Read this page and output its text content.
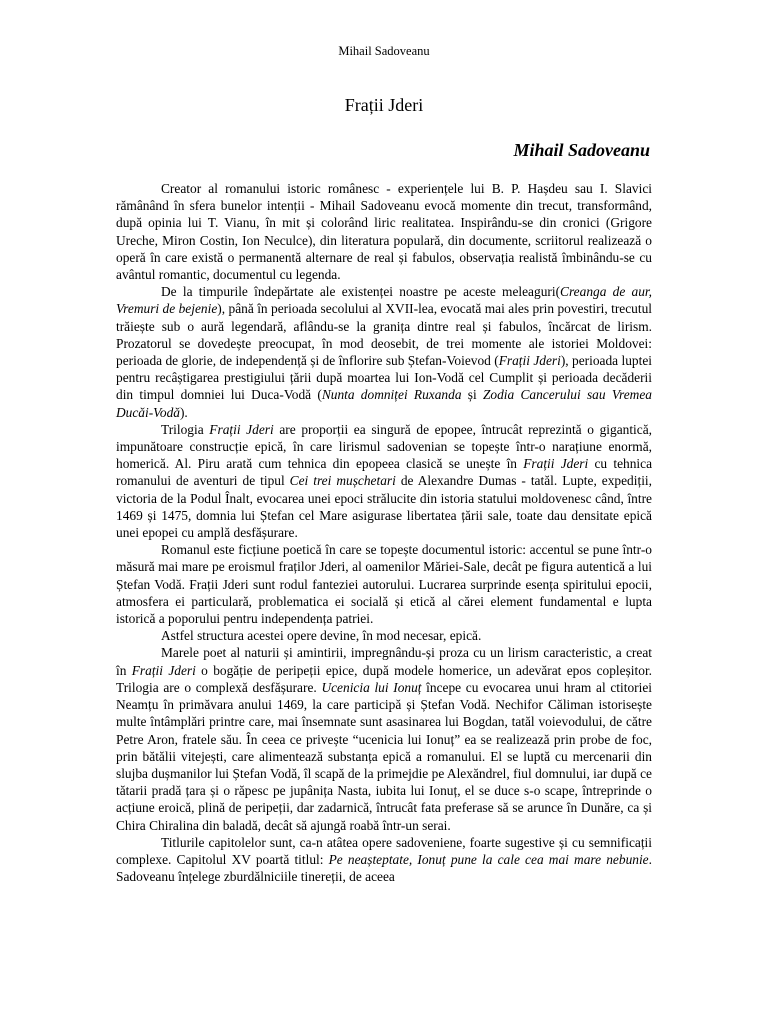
Mihail Sadoveanu
Frații Jderi
Mihail Sadoveanu

Creator al romanului istoric românesc - experiențele lui B. P. Hașdeu sau I. Slavici rămânând în sfera bunelor intenții - Mihail Sadoveanu evocă momente din trecut, transformând, după opinia lui T. Vianu, în mit și colorând liric realitatea. Inspirându-se din cronici (Grigore Ureche, Miron Costin, Ion Neculce), din literatura populară, din documente, scriitorul realizează o operă în care există o permanentă alternare de real și fabulos, observația realistă îmbinându-se cu avântul romantic, documentul cu legenda.

De la timpurile îndepărtate ale existenței noastre pe aceste meleaguri(Creanga de aur, Vremuri de bejenie), până în perioada secolului al XVII-lea, evocată mai ales prin povestiri, trecutul trăiește sub o aură legendară, aflându-se la granița dintre real și fabulos, încărcat de lirism. Prozatorul se dovedește preocupat, în mod deosebit, de trei momente ale istoriei Moldovei: perioada de glorie, de independență și de înflorire sub Ștefan-Voievod (Frații Jderi), perioada luptei pentru recâștigarea prestigiului țării după moartea lui Ion-Vodă cel Cumplit și perioada decăderii din timpul domniei lui Duca-Vodă (Nunta domniței Ruxanda și Zodia Cancerului sau Vremea Ducăi-Vodă).

Trilogia Frații Jderi are proporții ea singură de epopee, întrucât reprezintă o gigantică, impunătoare construcție epică, în care lirismul sadovenian se topește într-o narațiune enormă, homerică. Al. Piru arată cum tehnica din epopeea clasică se unește în Frații Jderi cu tehnica romanului de aventuri de tipul Cei trei mușchetari de Alexandre Dumas - tatăl. Lupte, expediții, victoria de la Podul Înalt, evocarea unei epoci strălucite din istoria statului moldovenesc când, între 1469 și 1475, domnia lui Ștefan cel Mare asigurase libertatea țării sale, toate dau densitate epică unei epopei cu amplă desfășurare.

Romanul este ficțiune poetică în care se topește documentul istoric: accentul se pune într-o măsură mai mare pe eroismul fraților Jderi, al oamenilor Măriei-Sale, decât pe figura autentică a lui Ștefan Vodă. Frații Jderi sunt rodul fanteziei autorului. Lucrarea surprinde esența spiritului epocii, atmosfera ei particulară, problematica ei socială și etică al cărei element fundamental e lupta istorică a poporului pentru independența patriei.

Astfel structura acestei opere devine, în mod necesar, epică.

Marele poet al naturii și amintirii, impregnându-și proza cu un lirism caracteristic, a creat în Frații Jderi o bogăție de peripeții epice, după modele homerice, un adevărat epos copleșitor. Trilogia are o complexă desfășurare. Ucenicia lui Ionuț începe cu evocarea unui hram al ctitoriei Neamțu în primăvara anului 1469, la care participă și Ștefan Vodă. Nechifor Căliman istorisește multe întâmplări printre care, mai însemnate sunt asasinarea lui Bogdan, tatăl voievodului, de către Petre Aron, fratele său. În ceea ce privește “ucenicia lui Ionuț” ea se realizează prin probe de foc, prin bătălii vitejești, care alimentează substanța epică a romanului. El se luptă cu mercenarii din slujba dușmanilor lui Ștefan Vodă, îl scapă de la primejdie pe Alexăndrel, fiul domnului, iar după ce tătarii pradă țara și o răpesc pe jupânița Nasta, iubita lui Ionuț, el se duce s-o scape, întreprinde o acțiune eroică, plină de peripeții, dar zadarnică, întrucât fata preferase să se arunce în Dunăre, ca și Chira Chiralina din baladă, decât să ajungă roabă într-un serai.

Titlurile capitolelor sunt, ca-n atâtea opere sadoveniene, foarte sugestive și cu semnificații complexe. Capitolul XV poartă titlul: Pe neașteptate, Ionuț pune la cale cea mai mare nebunie. Sadoveanu înțelege zburdălniciile tinereții, de aceea
